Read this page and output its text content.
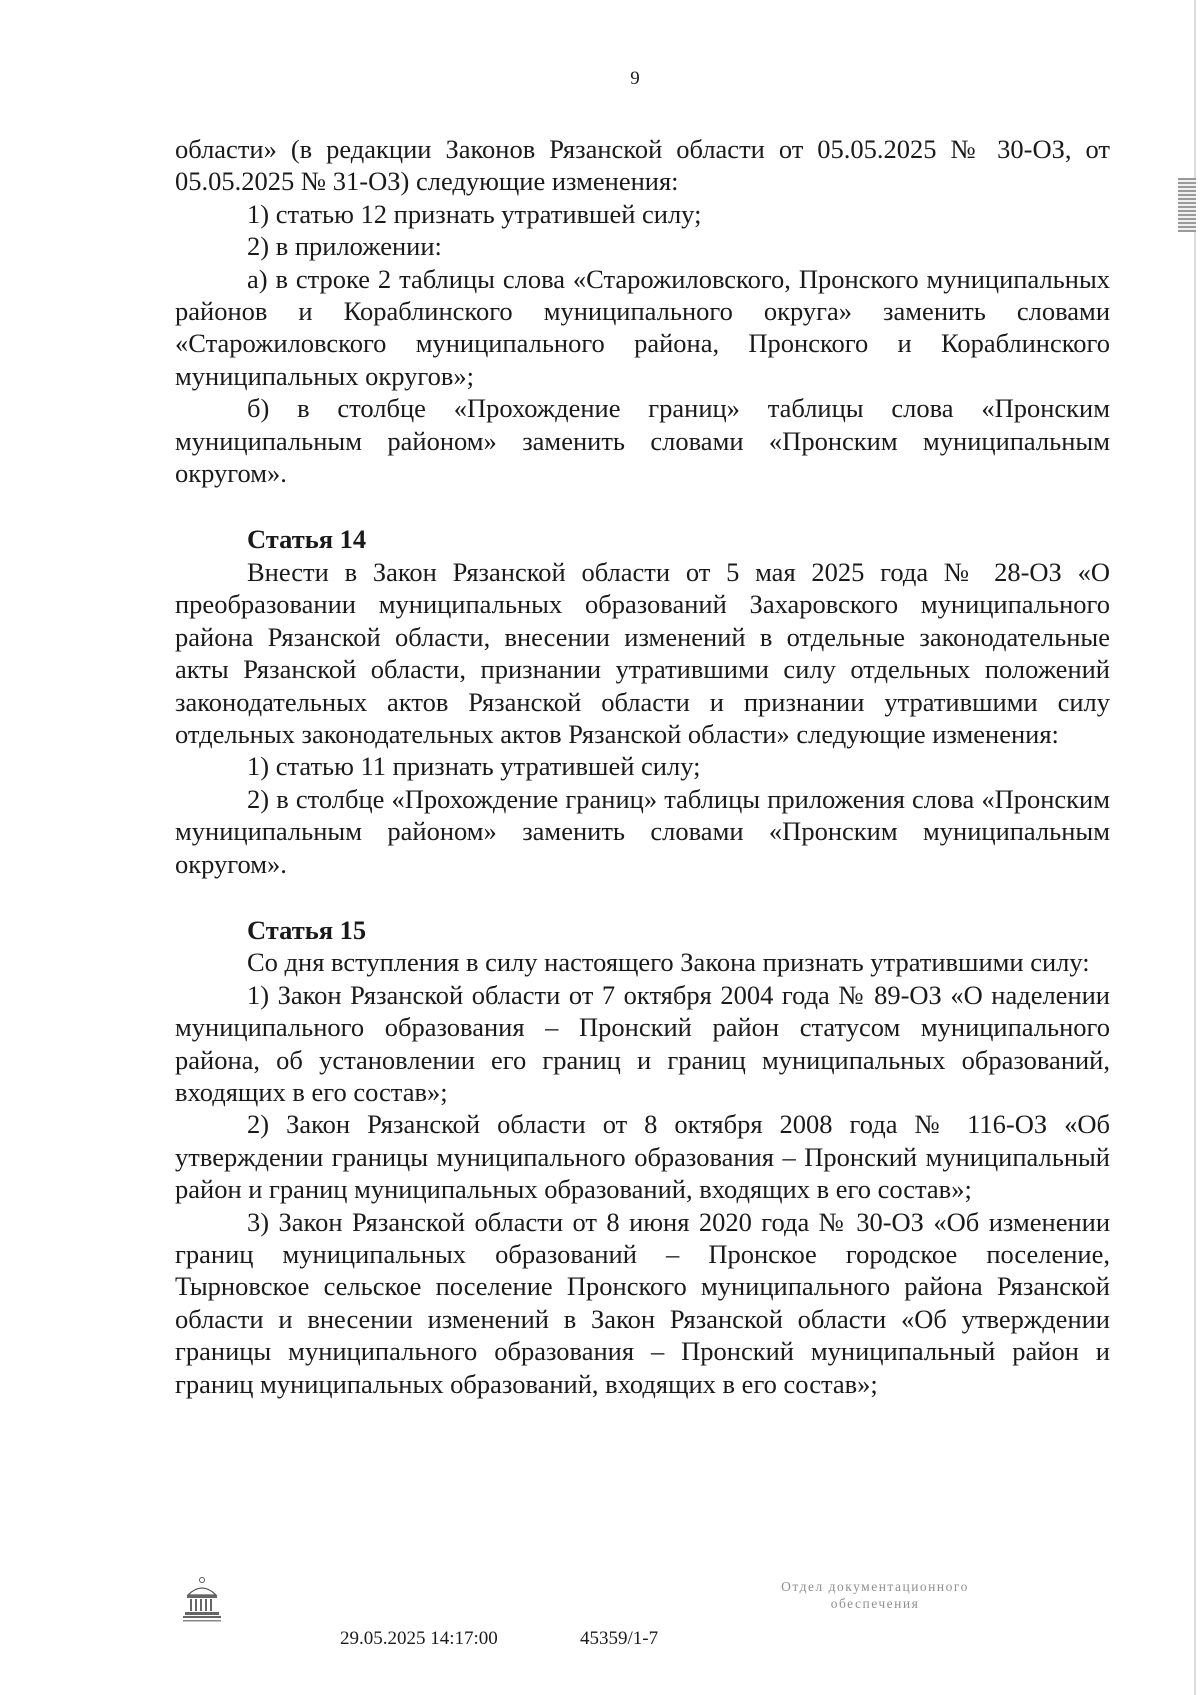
9

области» (в редакции Законов Рязанской области от 05.05.2025 № 30-ОЗ, от 05.05.2025 № 31-ОЗ) следующие изменения:

1) статью 12 признать утратившей силу;

2) в приложении:

а) в строке 2 таблицы слова «Старожиловского, Пронского муниципальных районов и Кораблинского муниципального округа» заменить словами «Старожиловского муниципального района, Пронского и Кораблинского муниципальных округов»;

б) в столбце «Прохождение границ» таблицы слова «Пронским муниципальным районом» заменить словами «Пронским муниципальным округом».

Статья 14

Внести в Закон Рязанской области от 5 мая 2025 года № 28-ОЗ «О преобразовании муниципальных образований Захаровского муниципального района Рязанской области, внесении изменений в отдельные законодательные акты Рязанской области, признании утратившими силу отдельных положений законодательных актов Рязанской области и признании утратившими силу отдельных законодательных актов Рязанской области» следующие изменения:

1) статью 11 признать утратившей силу;

2) в столбце «Прохождение границ» таблицы приложения слова «Пронским муниципальным районом» заменить словами «Пронским муниципальным округом».

Статья 15

Со дня вступления в силу настоящего Закона признать утратившими силу:

1) Закон Рязанской области от 7 октября 2004 года № 89-ОЗ «О наделении муниципального образования – Пронский район статусом муниципального района, об установлении его границ и границ муниципальных образований, входящих в его состав»;

2) Закон Рязанской области от 8 октября 2008 года № 116-ОЗ «Об утверждении границы муниципального образования – Пронский муниципальный район и границ муниципальных образований, входящих в его состав»;

3) Закон Рязанской области от 8 июня 2020 года № 30-ОЗ «Об изменении границ муниципальных образований – Пронское городское поселение, Тырновское сельское поселение Пронского муниципального района Рязанской области и внесении изменений в Закон Рязанской области «Об утверждении границы муниципального образования – Пронский муниципальный район и границ муниципальных образований, входящих в его состав»;

29.05.2025 14:17:00	45359/1-7
Отдел документационного
обеспечения
